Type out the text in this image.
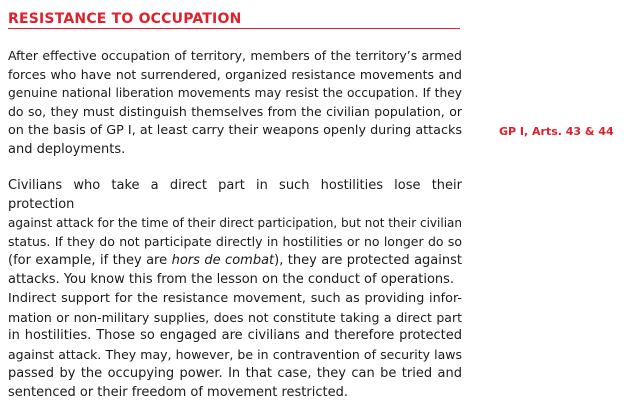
RESISTANCE TO OCCUPATION
After effective occupation of territory, members of the territory’s armed
forces who have not surrendered, organized resistance movements and
genuine national liberation movements may resist the occupation. If they
do so, they must distinguish themselves from the civilian population, or
on the basis of GP I, at least carry their weapons openly during attacks
and deployments.
GP I, Arts. 43 & 44
Civilians who take a direct part in such hostilities lose their protection
against attack for the time of their direct participation, but not their civilian
status. If they do not participate directly in hostilities or no longer do so
(for example, if they are hors de combat), they are protected against
attacks. You know this from the lesson on the conduct of operations.
Indirect support for the resistance movement, such as providing infor-
mation or non-military supplies, does not constitute taking a direct part
in hostilities. Those so engaged are civilians and therefore protected
against attack. They may, however, be in contravention of security laws
passed by the occupying power. In that case, they can be tried and
sentenced or their freedom of movement restricted.
